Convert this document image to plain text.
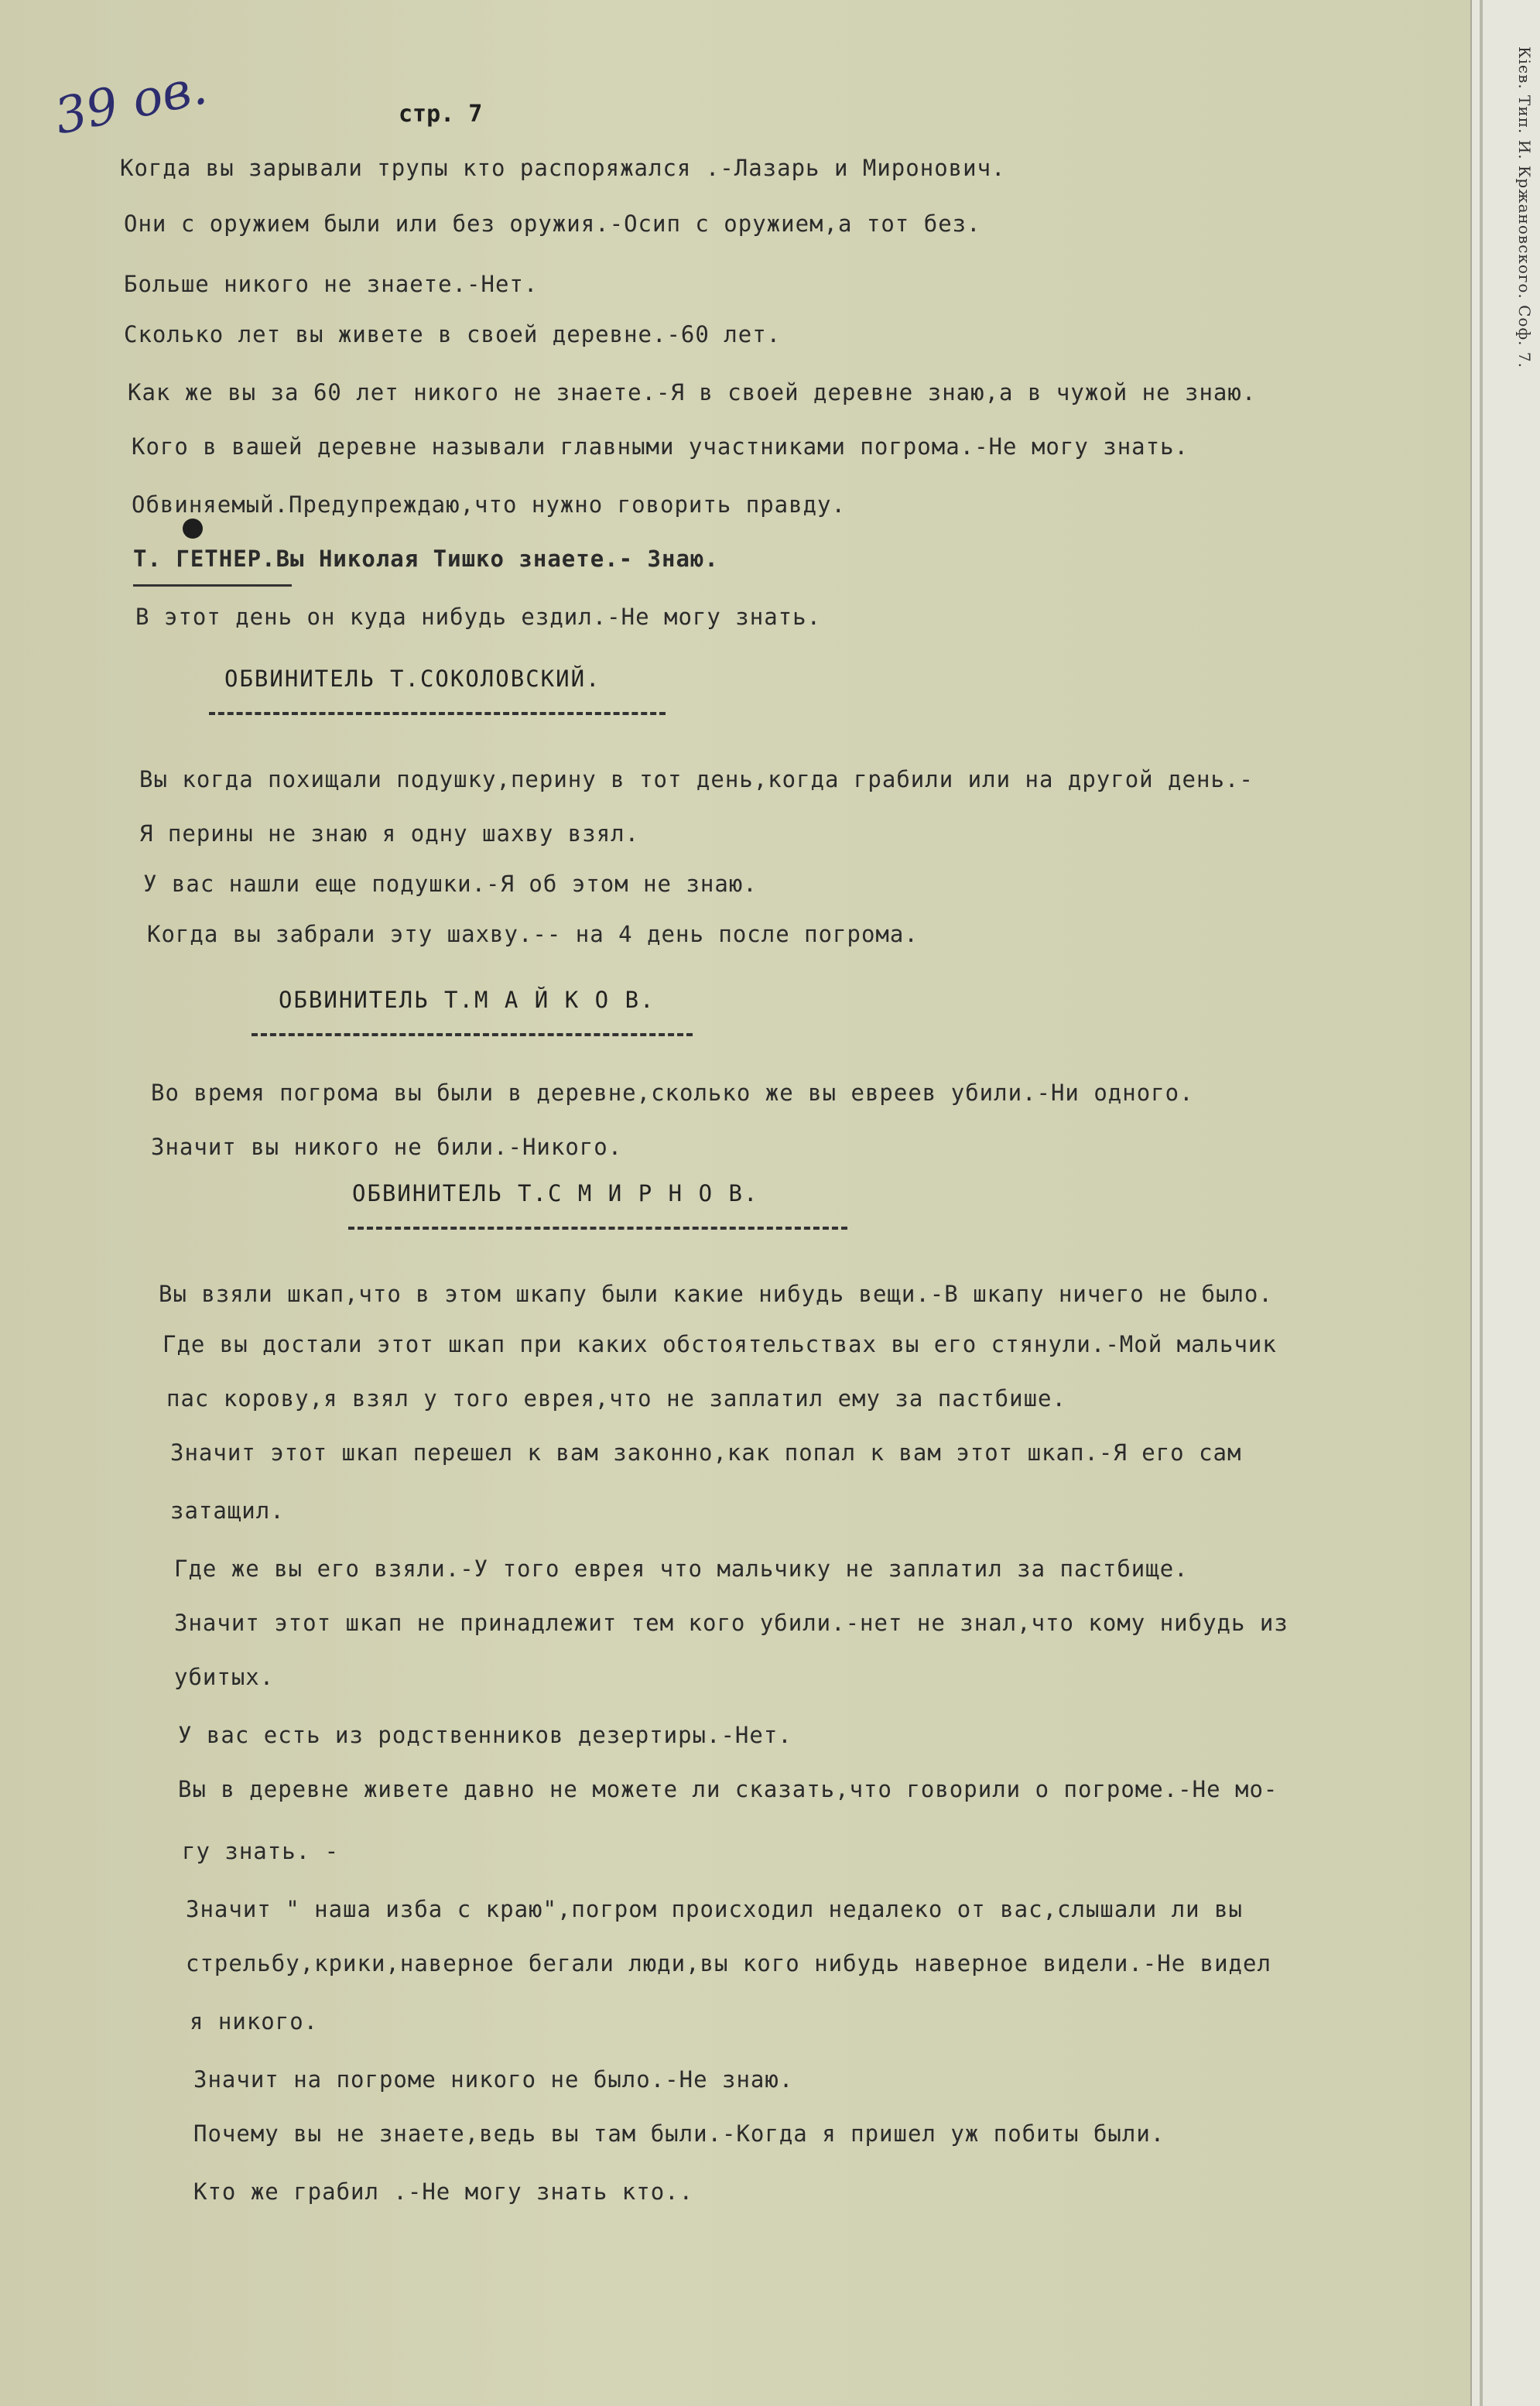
Кієв. Тип. И. Кржановского. Соф. 7.
39 ов.	стр. 7
Когда вы зарывали трупы кто распоряжался .-Лазарь и Миронович.
Они с оружием были или без оружия.-Осип с оружием,а тот без.
Больше никого не знаете.-Нет.
Сколько лет вы живете в своей деревне.-60 лет.
Как же вы за 60 лет никого не знаете.-Я в своей деревне знаю,а в чужой не знаю.
Кого в вашей деревне называли главными участниками погрома.-Не могу знать.
Обвиняемый.Предупреждаю,что нужно говорить правду.
Т. ГЕТНЕР.Вы Николая Тишко знаете.- Знаю.
В этот день он куда нибудь ездил.-Не могу знать.
ОБВИНИТЕЛЬ Т.СОКОЛОВСКИЙ.
Вы когда похищали подушку,перину в тот день,когда грабили или на другой день.-
Я перины не знаю я одну шахву взял.
У вас нашли еще подушки.-Я об этом не знаю.
Когда вы забрали эту шахву.-- на 4 день после погрома.
ОБВИНИТЕЛЬ Т.М А Й К О В.
Во время погрома вы были в деревне,сколько же вы евреев убили.-Ни одного.
Значит вы никого не били.-Никого.
ОБВИНИТЕЛЬ Т.С М И Р Н О В.
Вы взяли шкап,что в этом шкапу были какие нибудь вещи.-В шкапу ничего не было.
Где вы достали этот шкап при каких обстоятельствах вы его стянули.-Мой мальчик
пас корову,я взял у того еврея,что не заплатил ему за пастбише.
Значит этот шкап перешел к вам законно,как попал к вам этот шкап.-Я его сам
затащил.
Где же вы его взяли.-У того еврея что мальчику не заплатил за пастбище.
Значит этот шкап не принадлежит тем кого убили.-нет не знал,что кому нибудь из
убитых.
У вас есть из родственников дезертиры.-Нет.
Вы в деревне живете давно не можете ли сказать,что говорили о погроме.-Не мо-
гу знать. -
Значит " наша изба с краю",погром происходил недалеко от вас,слышали ли вы
стрельбу,крики,наверное бегали люди,вы кого нибудь наверное видели.-Не видел
я никого.
Значит на погроме никого не было.-Не знаю.
Почему вы не знаете,ведь вы там были.-Когда я пришел уж побиты были.
Кто же грабил .-Не могу знать кто..
